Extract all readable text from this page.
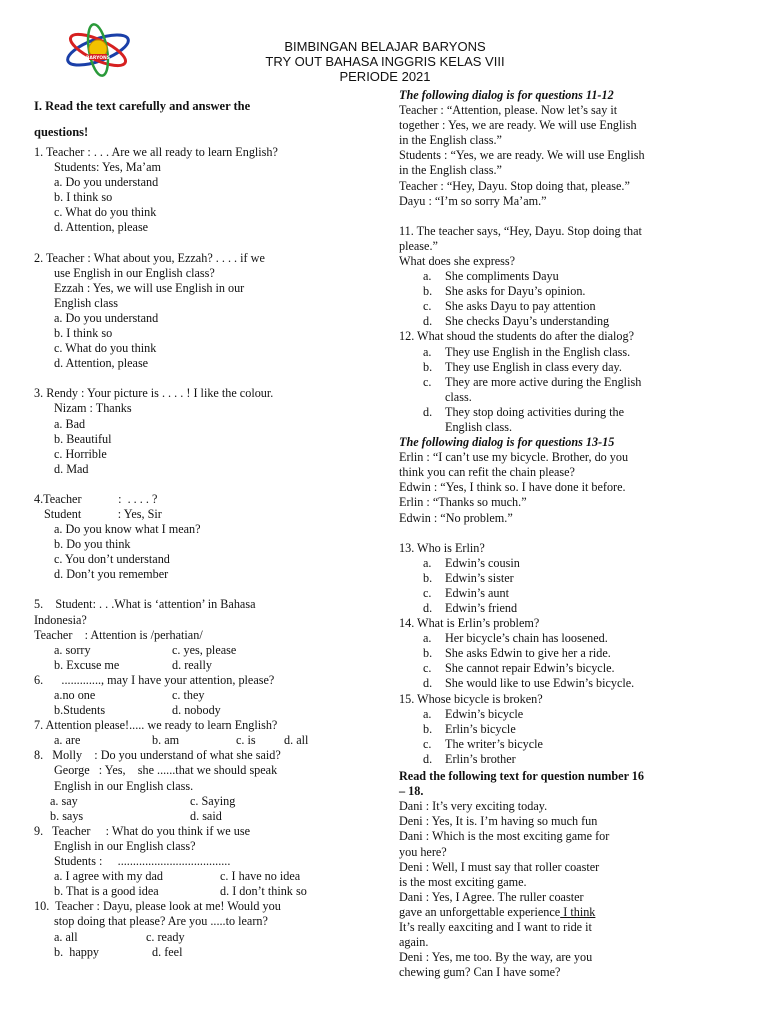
BARYONS
BIMBINGAN BELAJAR BARYONS
TRY OUT BAHASA INGGRIS KELAS VIII
PERIODE 2021
I. Read the text carefully and answer the
questions!

1. Teacher : . . . Are we all ready to learn English?

Students: Yes, Ma’am

a. Do you understand

b. I think so

c. What do you think

d. Attention, please

2. Teacher : What about you, Ezzah? . . . . if we

use English in our English class?

Ezzah : Yes, we will use English in our

English class

a. Do you understand

b. I think so

c. What do you think

d. Attention, please

3. Rendy : Your picture is . . . . ! I like the colour.

Nizam : Thanks

a. Bad

b. Beautiful

c. Horrible

d. Mad

4.Teacher            :  . . . . ?

Student            : Yes, Sir

a. Do you know what I mean?

b. Do you think

c. You don’t understand

d. Don’t you remember

5.    Student: . . .What is ‘attention’ in Bahasa

Indonesia?

Teacher    : Attention is /perhatian/

a. sorry	c. yes, please
b. Excuse me	d. really

6.      ............., may I have your attention, please?

a.no one	c. they
b.Students	d. nobody

7. Attention please!..... we ready to learn English?

a. are	b. am	c. is	d. all

8.   Molly    : Do you understand of what she said?

George   : Yes,    she ......that we should speak

English in our English class.

a. say	c. Saying
b. says	d. said

9.   Teacher     : What do you think if we use

English in our English class?

Students :     .....................................

a. I agree with my dad	c. I have no idea
b. That is a good idea	d. I don’t think so

10.  Teacher : Dayu, please look at me! Would you

stop doing that please? Are you .....to learn?

a. all	c. ready
b.  happy	d. feel

The following dialog is for questions 11-12

Teacher : “Attention, please. Now let’s say it

together : Yes, we are ready. We will use English

in the English class.”

Students : “Yes, we are ready. We will use English

in the English class.”

Teacher : “Hey, Dayu. Stop doing that, please.”

Dayu : “I’m so sorry Ma’am.”

11. The teacher says, “Hey, Dayu. Stop doing that

please.”

What does she express?

a.	She compliments Dayu
b.	She asks for Dayu’s opinion.
c.	She asks Dayu to pay attention
d.	She checks Dayu’s understanding

12. What shoud the students do after the dialog?

a.	They use English in the English class.
b.	They use English in class every day.
c.	They are more active during the English
class.
d.	They stop doing activities during the
English class.

The following dialog is for questions 13-15

Erlin : “I can’t use my bicycle. Brother, do you

think you can refit the chain please?

Edwin : “Yes, I think so. I have done it before.

Erlin : “Thanks so much.”

Edwin : “No problem.”

13. Who is Erlin?

a.	Edwin’s cousin
b.	Edwin’s sister
c.	Edwin’s aunt
d.	Edwin’s friend

14. What is Erlin’s problem?

a.	Her bicycle’s chain has loosened.
b.	She asks Edwin to give her a ride.
c.	She cannot repair Edwin’s bicycle.
d.	She would like to use Edwin’s bicycle.

15. Whose bicycle is broken?

a.	Edwin’s bicycle
b.	Erlin’s bicycle
c.	The writer’s bicycle
d.	Erlin’s brother

Read the following text for question number 16

– 18.

Dani : It’s very exciting today.

Deni : Yes, It is. I’m having so much fun

Dani : Which is the most exciting game for

you here?

Deni : Well, I must say that roller coaster

is the most exciting game.

Dani : Yes, I Agree. The ruller coaster

gave an unforgettable experience I think

It’s really eaxciting and I want to ride it

again.

Deni : Yes, me too. By the way, are you

chewing gum? Can I have some?
